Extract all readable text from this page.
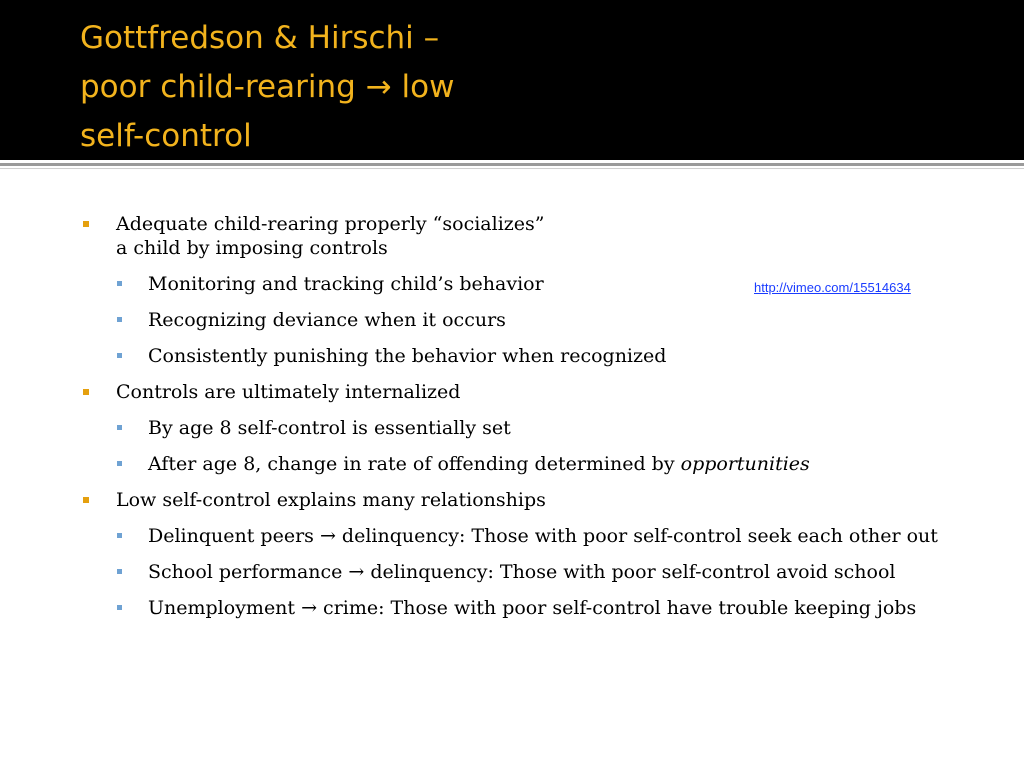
Gottfredson & Hirschi –
poor child-rearing → low
self-control
Adequate child-rearing properly “socializes”
a child by imposing controls
Monitoring and tracking child’s behavior
Recognizing deviance when it occurs
Consistently punishing the behavior when recognized
Controls are ultimately internalized
By age 8 self-control is essentially set
After age 8, change in rate of offending determined by opportunities
Low self-control explains many relationships
Delinquent peers → delinquency: Those with poor self-control seek each other out
School performance → delinquency: Those with poor self-control avoid school
Unemployment → crime: Those with poor self-control have trouble keeping jobs
http://vimeo.com/15514634
